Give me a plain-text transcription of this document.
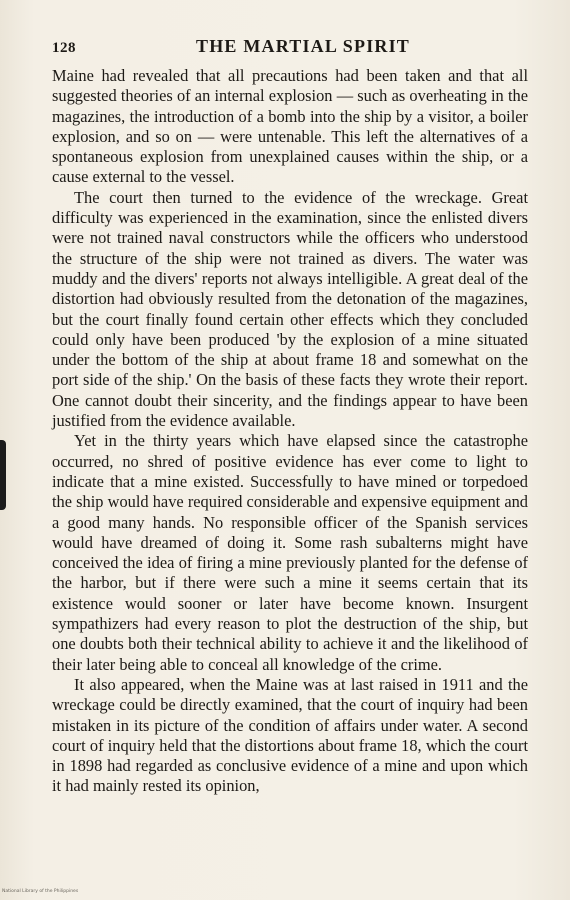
128	THE MARTIAL SPIRIT

Maine had revealed that all precautions had been taken and that all suggested theories of an internal explosion — such as overheating in the magazines, the introduction of a bomb into the ship by a visitor, a boiler explosion, and so on — were untenable. This left the alternatives of a spontaneous explosion from unexplained causes within the ship, or a cause external to the vessel.

The court then turned to the evidence of the wreckage. Great difficulty was experienced in the examination, since the enlisted divers were not trained naval constructors while the officers who understood the structure of the ship were not trained as divers. The water was muddy and the divers' reports not always intelligible. A great deal of the distortion had obviously resulted from the detonation of the magazines, but the court finally found certain other effects which they concluded could only have been produced 'by the explosion of a mine situated under the bottom of the ship at about frame 18 and somewhat on the port side of the ship.' On the basis of these facts they wrote their report. One cannot doubt their sincerity, and the findings appear to have been justified from the evidence available.

Yet in the thirty years which have elapsed since the catastrophe occurred, no shred of positive evidence has ever come to light to indicate that a mine existed. Successfully to have mined or torpedoed the ship would have required considerable and expensive equipment and a good many hands. No responsible officer of the Spanish services would have dreamed of doing it. Some rash subalterns might have conceived the idea of firing a mine previously planted for the defense of the harbor, but if there were such a mine it seems certain that its existence would sooner or later have become known. Insurgent sympathizers had every reason to plot the destruction of the ship, but one doubts both their technical ability to achieve it and the likelihood of their later being able to conceal all knowledge of the crime.

It also appeared, when the Maine was at last raised in 1911 and the wreckage could be directly examined, that the court of inquiry had been mistaken in its picture of the condition of affairs under water. A second court of inquiry held that the distortions about frame 18, which the court in 1898 had regarded as conclusive evidence of a mine and upon which it had mainly rested its opinion,

National Library of the Philippines
